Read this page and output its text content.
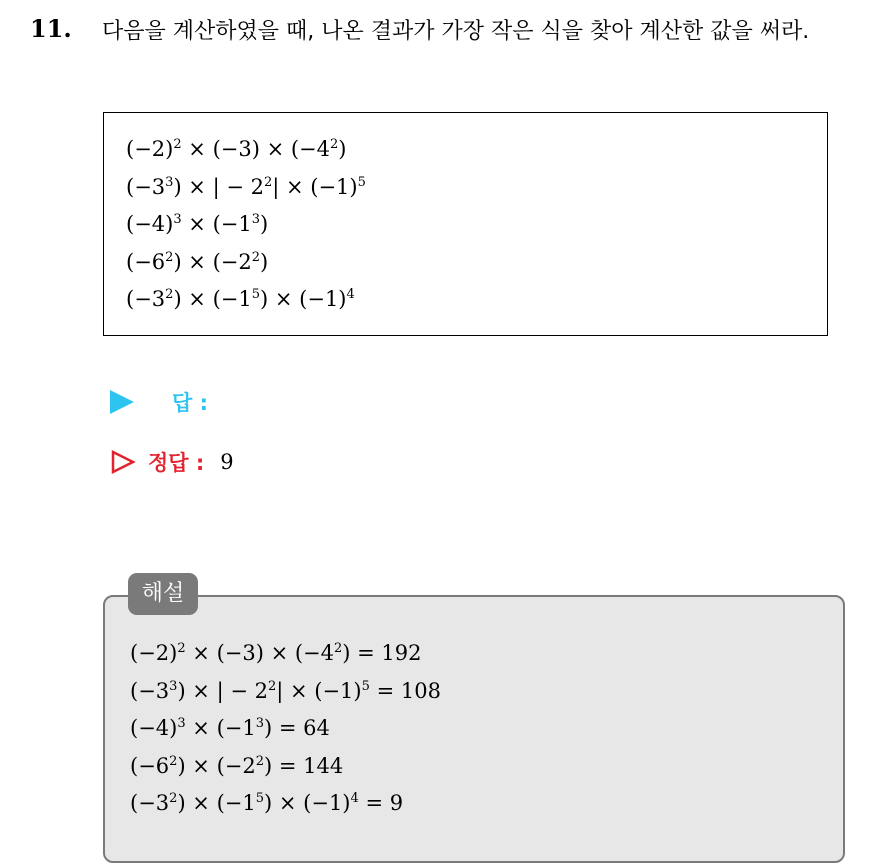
11. 다음을 계산하였을 때, 나온 결과가 가장 작은 식을 찾아 계산한 값을 써라.
$(-2)^2 \times (-3) \times (-4^2)$
$(-3^3)$ × | − $2^2| \times (-1)^5$
$(-4)^3 \times (-1^3)$
$(-6^2) \times (-2^2)$
$(-3^2) \times (-1^5) \times (-1)^4$
답 :
정답 : 9
$(-2)^2 \times (-3) \times (-4^2) = 192$
$(-3^3)$ × | − $2^2| \times (-1)^5 = 108$
$(-4)^3 \times (-1^3) = 64$
$(-6^2) \times (-2^2) = 144$
$(-3^2) \times (-1^5) \times (-1)^4 = 9$
해설
